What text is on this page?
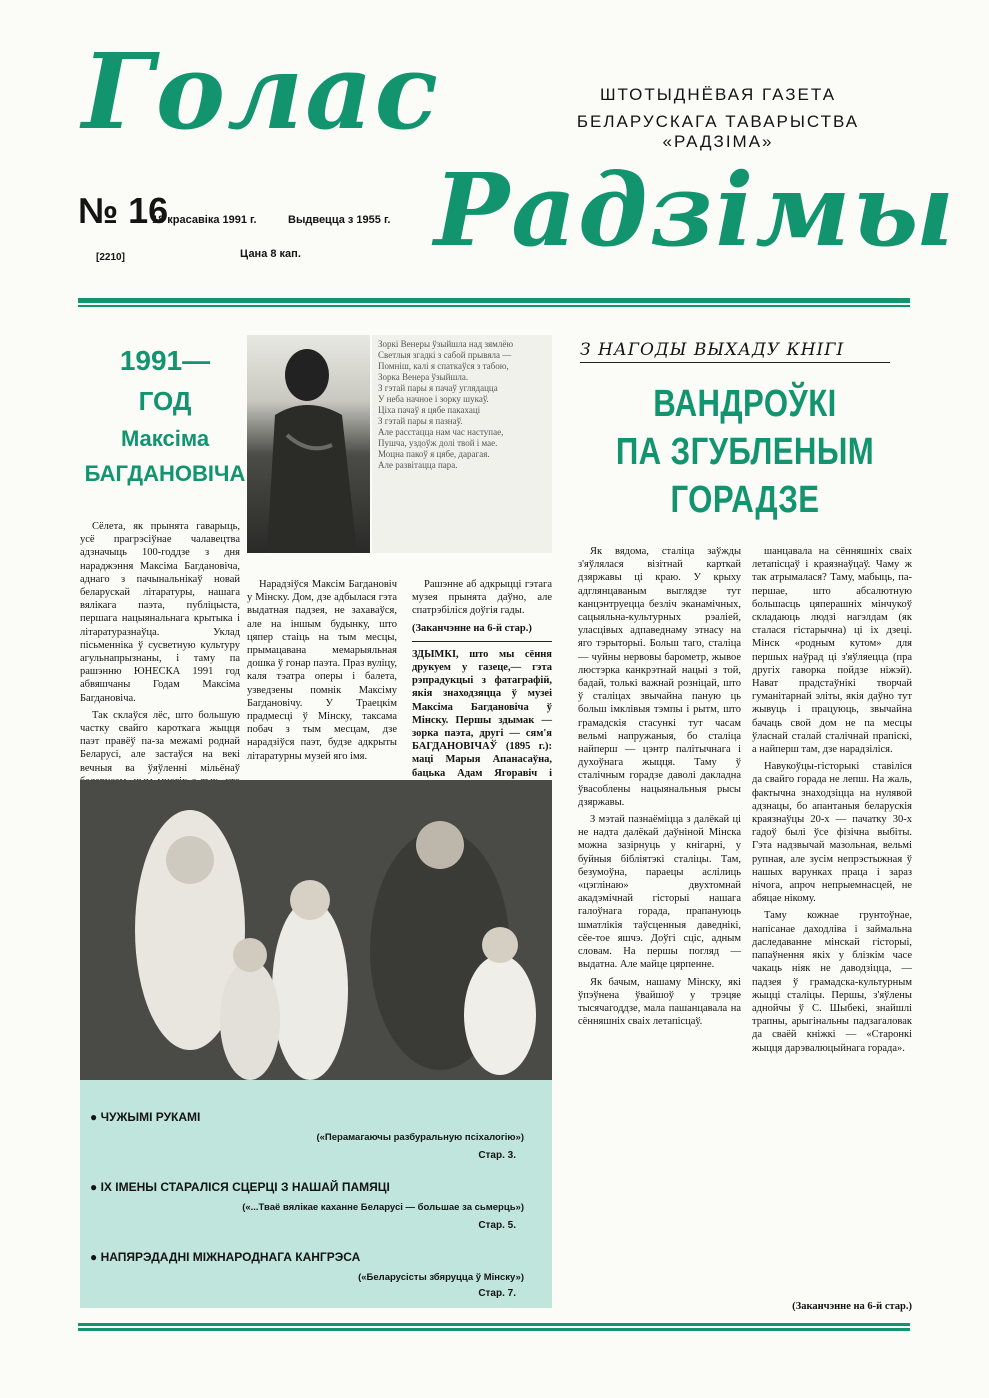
Голас
Радзімы
ШТОТЫДНЁВАЯ ГАЗЕТА
БЕЛАРУСКАГА ТАВАРЫСТВА «РАДЗІМА»
№ 16
18 красавіка 1991 г.	Выдвецца з 1955 г.
[2210]	Цана 8 кап.
1991—
ГОД
Максіма
БАГДАНОВІЧА
Зоркі Венеры ўзыйшла над зямлёю
Светлыя згадкі з сабой прывяла —
Помніш, калі я спаткаўся з табою,
Зорка Венера ўзыйшла.
З гэтай пары я пачаў углядацца
У неба начное і зорку шукаў.
Ціха пачаў я цябе пакахаці
З гэтай пары я пазнаў.
Але расстацца нам час наступае,
Пушча, уздоўж долі твой і мае.
Моцна пакоў я цябе, дарагая.
Але развітацца пара.

Сёлета, як прынята гаварыць, усё прагрэсіўнае чалавецтва адзначыць 100-годдзе з дня нараджэння Максіма Багдановіча, аднаго з пачынальнікаў новай беларускай літаратуры, нашага вялікага паэта, публіцыста, першага нацыянальнага крытыка і літаратуразнаўца. Уклад пісьменніка ў сусветную культуру агульнапрызнаны, і таму па рашэнню ЮНЕСКА 1991 год абвяшчаны Годам Максіма Багдановіча.

Так склаўся лёс, што большую частку свайго кароткага жыцця паэт правёў па-за межамі роднай Беларусі, але застаўся на векі вечныя ва ўяўленні мільёнаў

Нарадзіўся Максім Багдановіч у Мінску. Дом, дзе адбылася гэта выдатная падзея, не захаваўся, але на іншым будынку, што цяпер стаіць на тым месцы, прымацавана мемарыяльная дошка ў гонар паэта. Праз вуліцу, каля тэатра оперы і балета, узведзены помнік Максіму Багдановічу. У Траецкім прадмесці ў Мінску, таксама побач з тым месцам, дзе нарадзіўся паэт, будзе адкрыты літаратурны музей яго імя.

Рашэнне аб адкрыцці гэтага музея прынята даўно, але спатрэбіліся доўгія гады.

(Заканчэнне на 6-й стар.)

ЗДЫМКІ, што мы сёння друкуем у газеце,— гэта рэпрадукцыі з фатаграфій, якія знаходзяцца ў музеі Максіма Багдановіча ў Мінску. Першы здымак — зорка паэта, другі — сям'я БАГДАНОВІЧАЎ (1895 г.): маці Марыя Апанасаўна, бацька Адам Ягоравіч і

● ЧУЖЫМІ РУКАМІ
(«Перамагаючы разбуральную псіхалогію»)
Стар. 3.
● ІХ ІМЕНЫ СТАРАЛІСЯ СЦЕРЦІ З НАШАЙ ПАМЯЦІ
(«...Тваё вялікае каханне Беларусі — большае за сьмерць»)
Стар. 5.
● НАПЯРЭДАДНІ МІЖНАРОДНАГА КАНГРЭСА
(«Беларусісты збяруцца ў Мінску»)
Стар. 7.
З НАГОДЫ ВЫХАДУ КНІГІ
ВАНДРОЎКІ
ПА ЗГУБЛЕНЫМ
ГОРАДЗЕ

Як вядома, сталіца заўжды з'яўлялася візітнай карткай дзяржавы ці краю. У крыху адглянцаваным выглядзе тут канцэнтруецца безліч эканамічных, сацыяльна-культурных рэаліей, уласцівых адпаведнаму этнасу на яго тэрыторыі. Больш таго, сталіца — чуйны нервовы барометр, жывое люстэрка канкрэтнай нацыі з той, бадай, толькі важнай розніцай, што ў сталіцах звычайна паную ць больш імклівыя тэмпы і рытм, што грамадскія стасункі тут часам вельмі напружаныя, бо сталіца найперш — цэнтр палітычнага і духоўнага жыцця. Таму ў сталічным горадзе даволі дакладна ўвасоблены нацыянальныя рысы дзяржавы.

З мэтай пазнаёміцца з далёкай ці не надта далёкай даўніной Мінска можна зазірнуць у кнігарні, у буйныя бібліятэкі сталіцы. Там, безумоўна, параецы аслілиць «цэглінаю» двухтомнай акадэмічнай гісторыі нашага галоўнага горада, прапануюць шматлікія таўсценныя даведнікі, сёе-тое яшчэ. Доўгі сціс, адным словам. На першы погляд — выдатна. Але майце цярпенне.

Як бачым, нашаму Мінску, які ўпэўнена ўвайшоў у трэцяе тысячагоддзе, мала пашанцавала на сённяшніх сваіх летапісцаў.

шанцавала на сённяшніх сваіх летапісцаў і краязнаўцаў. Чаму ж так атрымалася? Таму, мабыць, па-першае, што абсалютную большасць цяперашніх мінчукоў складаюць людзі нагэлдам (як сталася гістарычна) ці іх дзеці. Мінск «родным кутом» для першых наўрад ці з'яўляецца (пра другіх гаворка пойдзе ніжэй). Нават прадстаўнікі творчай гуманітарнай эліты, якія даўно тут жывуць і працуюць, звычайна бачаць свой дом не па месцы ўласнай сталай сталічнай прапіскі, а найперш там, дзе нарадзіліся.

Навукоўцы-гісторыкі ставіліся да свайго горада не лепш. На жаль, фактычна знаходзіцца на нулявой адзнацы, бо апантаныя беларускія краязнаўцы 20-х — пачатку 30-х гадоў былі ўсе фізічна выбіты. Гэта надзвычай мазольная, вельмі рупная, але зусім непрэстыжная ў нашых варунках праца і зараз нічога, апроч непрыемнасцей, не абяцае нікому.

Таму кожнае грунтоўнае, напісанае даходліва і займальна даследаванне мінскай гісторыі, папаўнення якіх у блізкім часе чакаць ніяк не даводзіцца, — падзея ў грамадска-культурным жыцці сталіцы. Першы, з'яўлены аднойчы ў С. Шыбекі, знайшлі трапны, арыгінальны падзагаловак да сваёй кніжкі — «Старонкі жыцця дарэвалюцыйнага горада».

(Заканчэнне на 6-й стар.)
